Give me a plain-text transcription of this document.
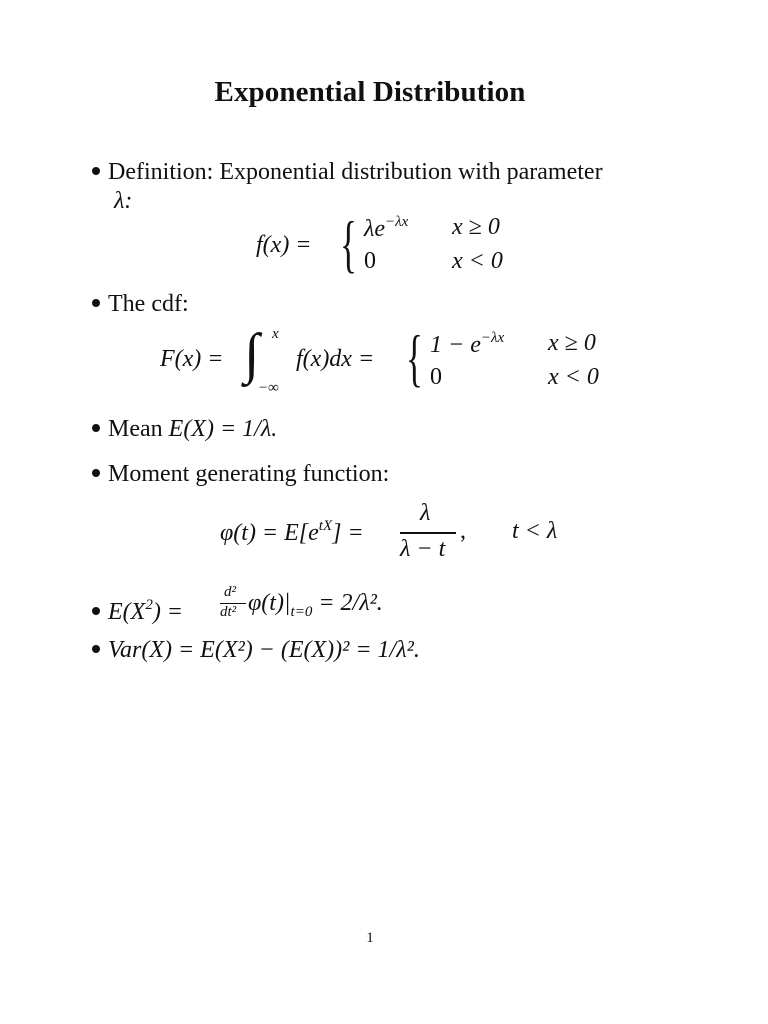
Exponential Distribution
Definition: Exponential distribution with parameter
λ:
f(x) = { $\lambda e^{-\lambda x}$ x ≥ 0
0	x < 0
The cdf:
F(x) = ∫ x
−∞
f(x)dx = { $1 - e^{-\lambda x}$ x ≥ 0
0	x < 0
Mean E(X) = 1/λ.
Moment generating function:
$\varphi(t) = E[e^{tX}]$ =
λ
λ − t
, t < λ
$E(X^2)$ =
d²
dt² $\varphi(t)|_{t=0} = 2/\lambda^2$.
Var(X) = E(X²) − (E(X))² = 1/λ².
1
